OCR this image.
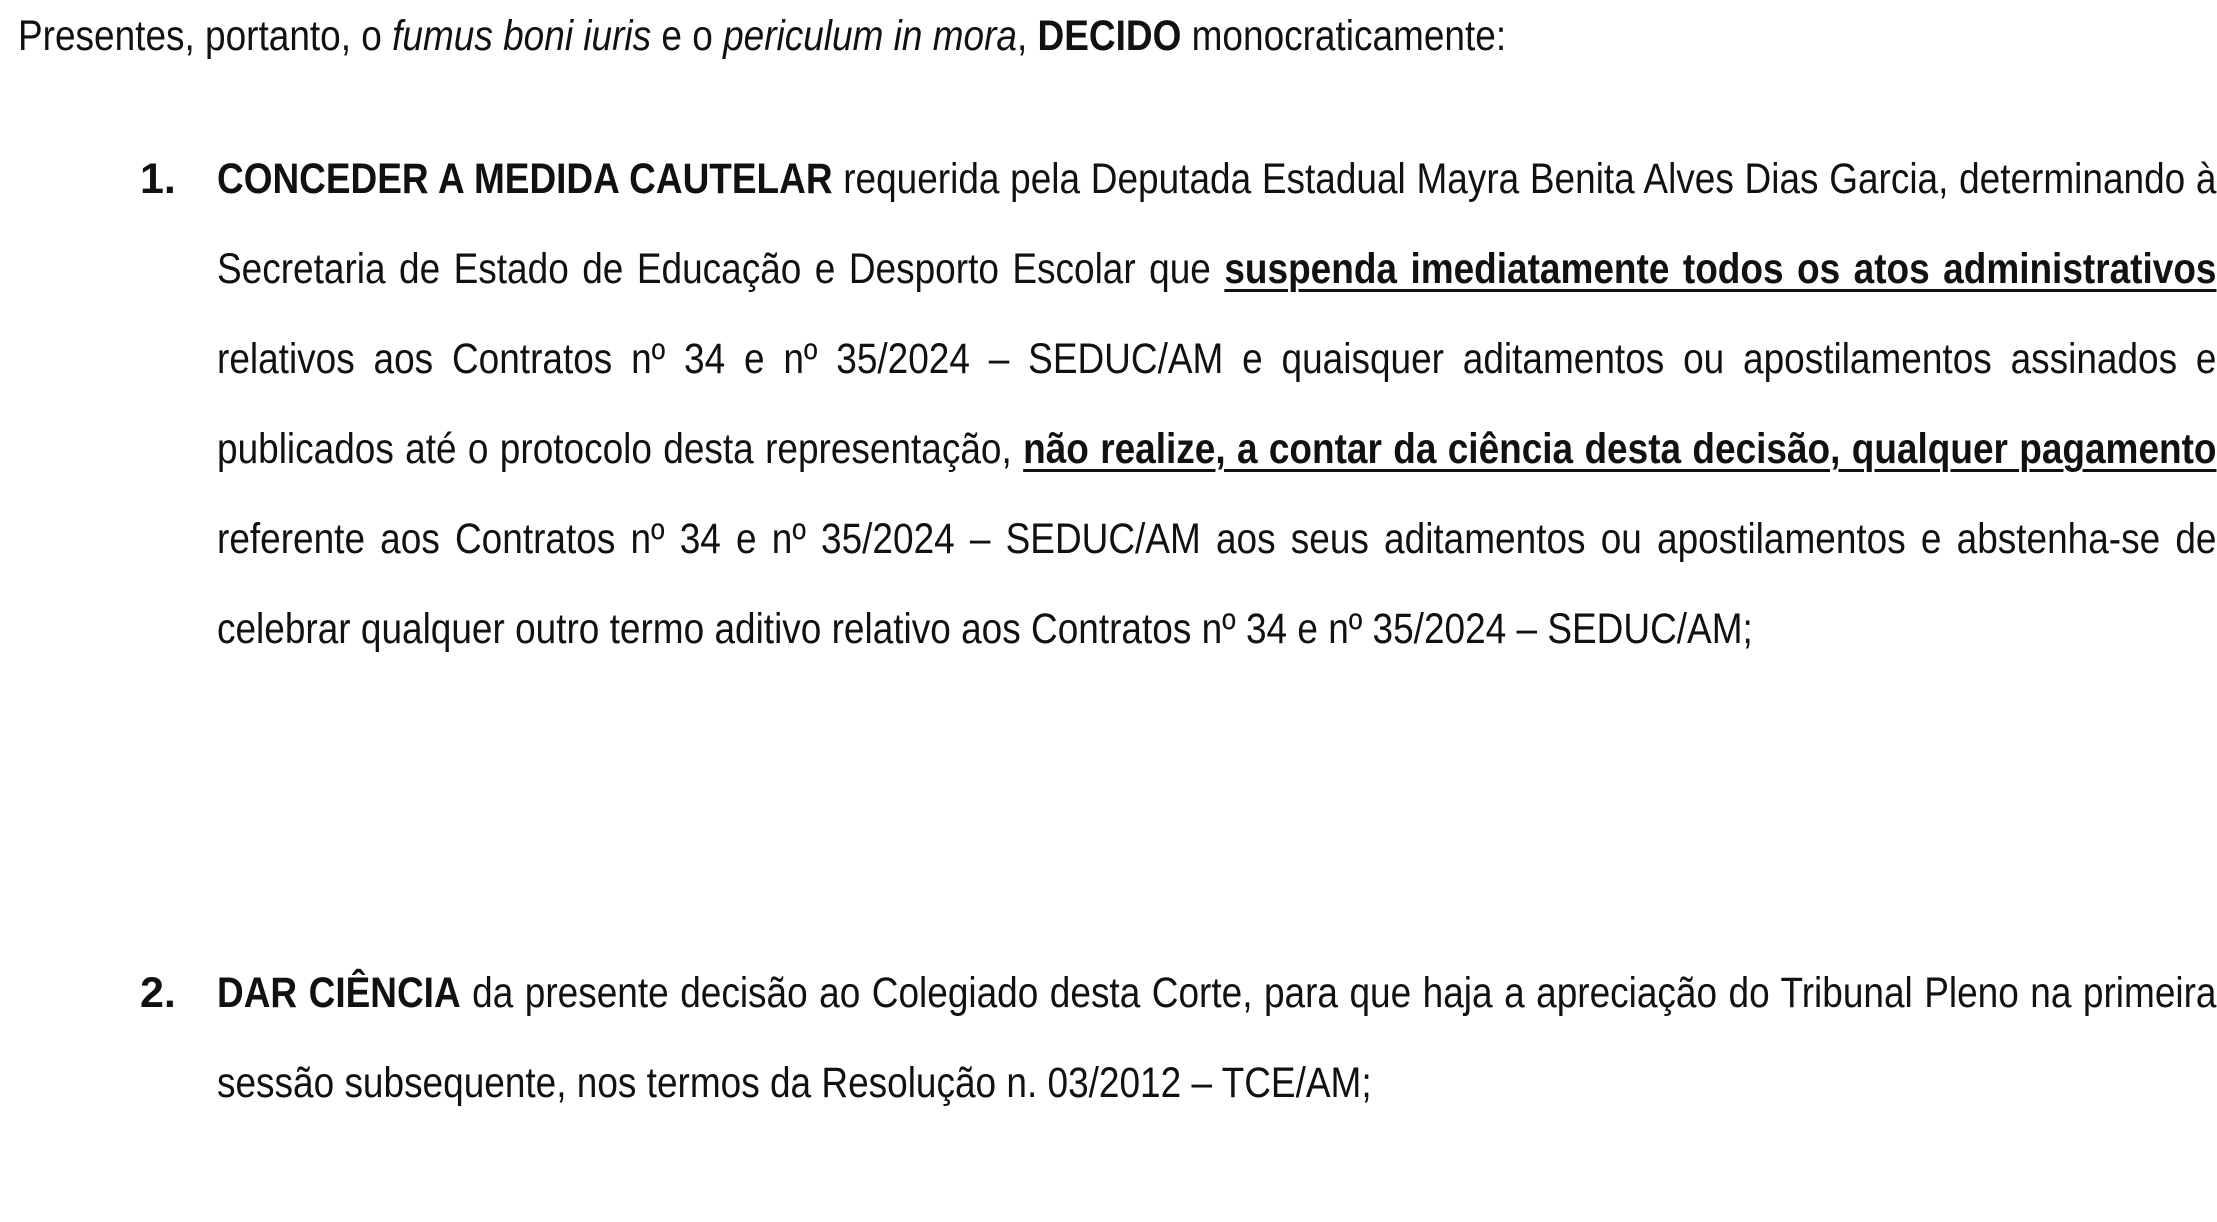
Presentes, portanto, o fumus boni iuris e o periculum in mora, DECIDO monocraticamente:

1. CONCEDER A MEDIDA CAUTELAR requerida pela Deputada Estadual Mayra Benita Alves Dias Garcia, determinando à Secretaria de Estado de Educação e Desporto Escolar que suspenda imediatamente todos os atos administrativos relativos aos Contratos nº 34 e nº 35/2024 – SEDUC/AM e quaisquer aditamentos ou apostilamentos assinados e publicados até o protocolo desta representação, não realize, a contar da ciência desta decisão, qualquer pagamento referente aos Contratos nº 34 e nº 35/2024 – SEDUC/AM aos seus aditamentos ou apostilamentos e abstenha-se de celebrar qualquer outro termo aditivo relativo aos Contratos nº 34 e nº 35/2024 – SEDUC/AM;

2. DAR CIÊNCIA da presente decisão ao Colegiado desta Corte, para que haja a apreciação do Tribunal Pleno na primeira sessão subsequente, nos termos da Resolução n. 03/2012 – TCE/AM;
